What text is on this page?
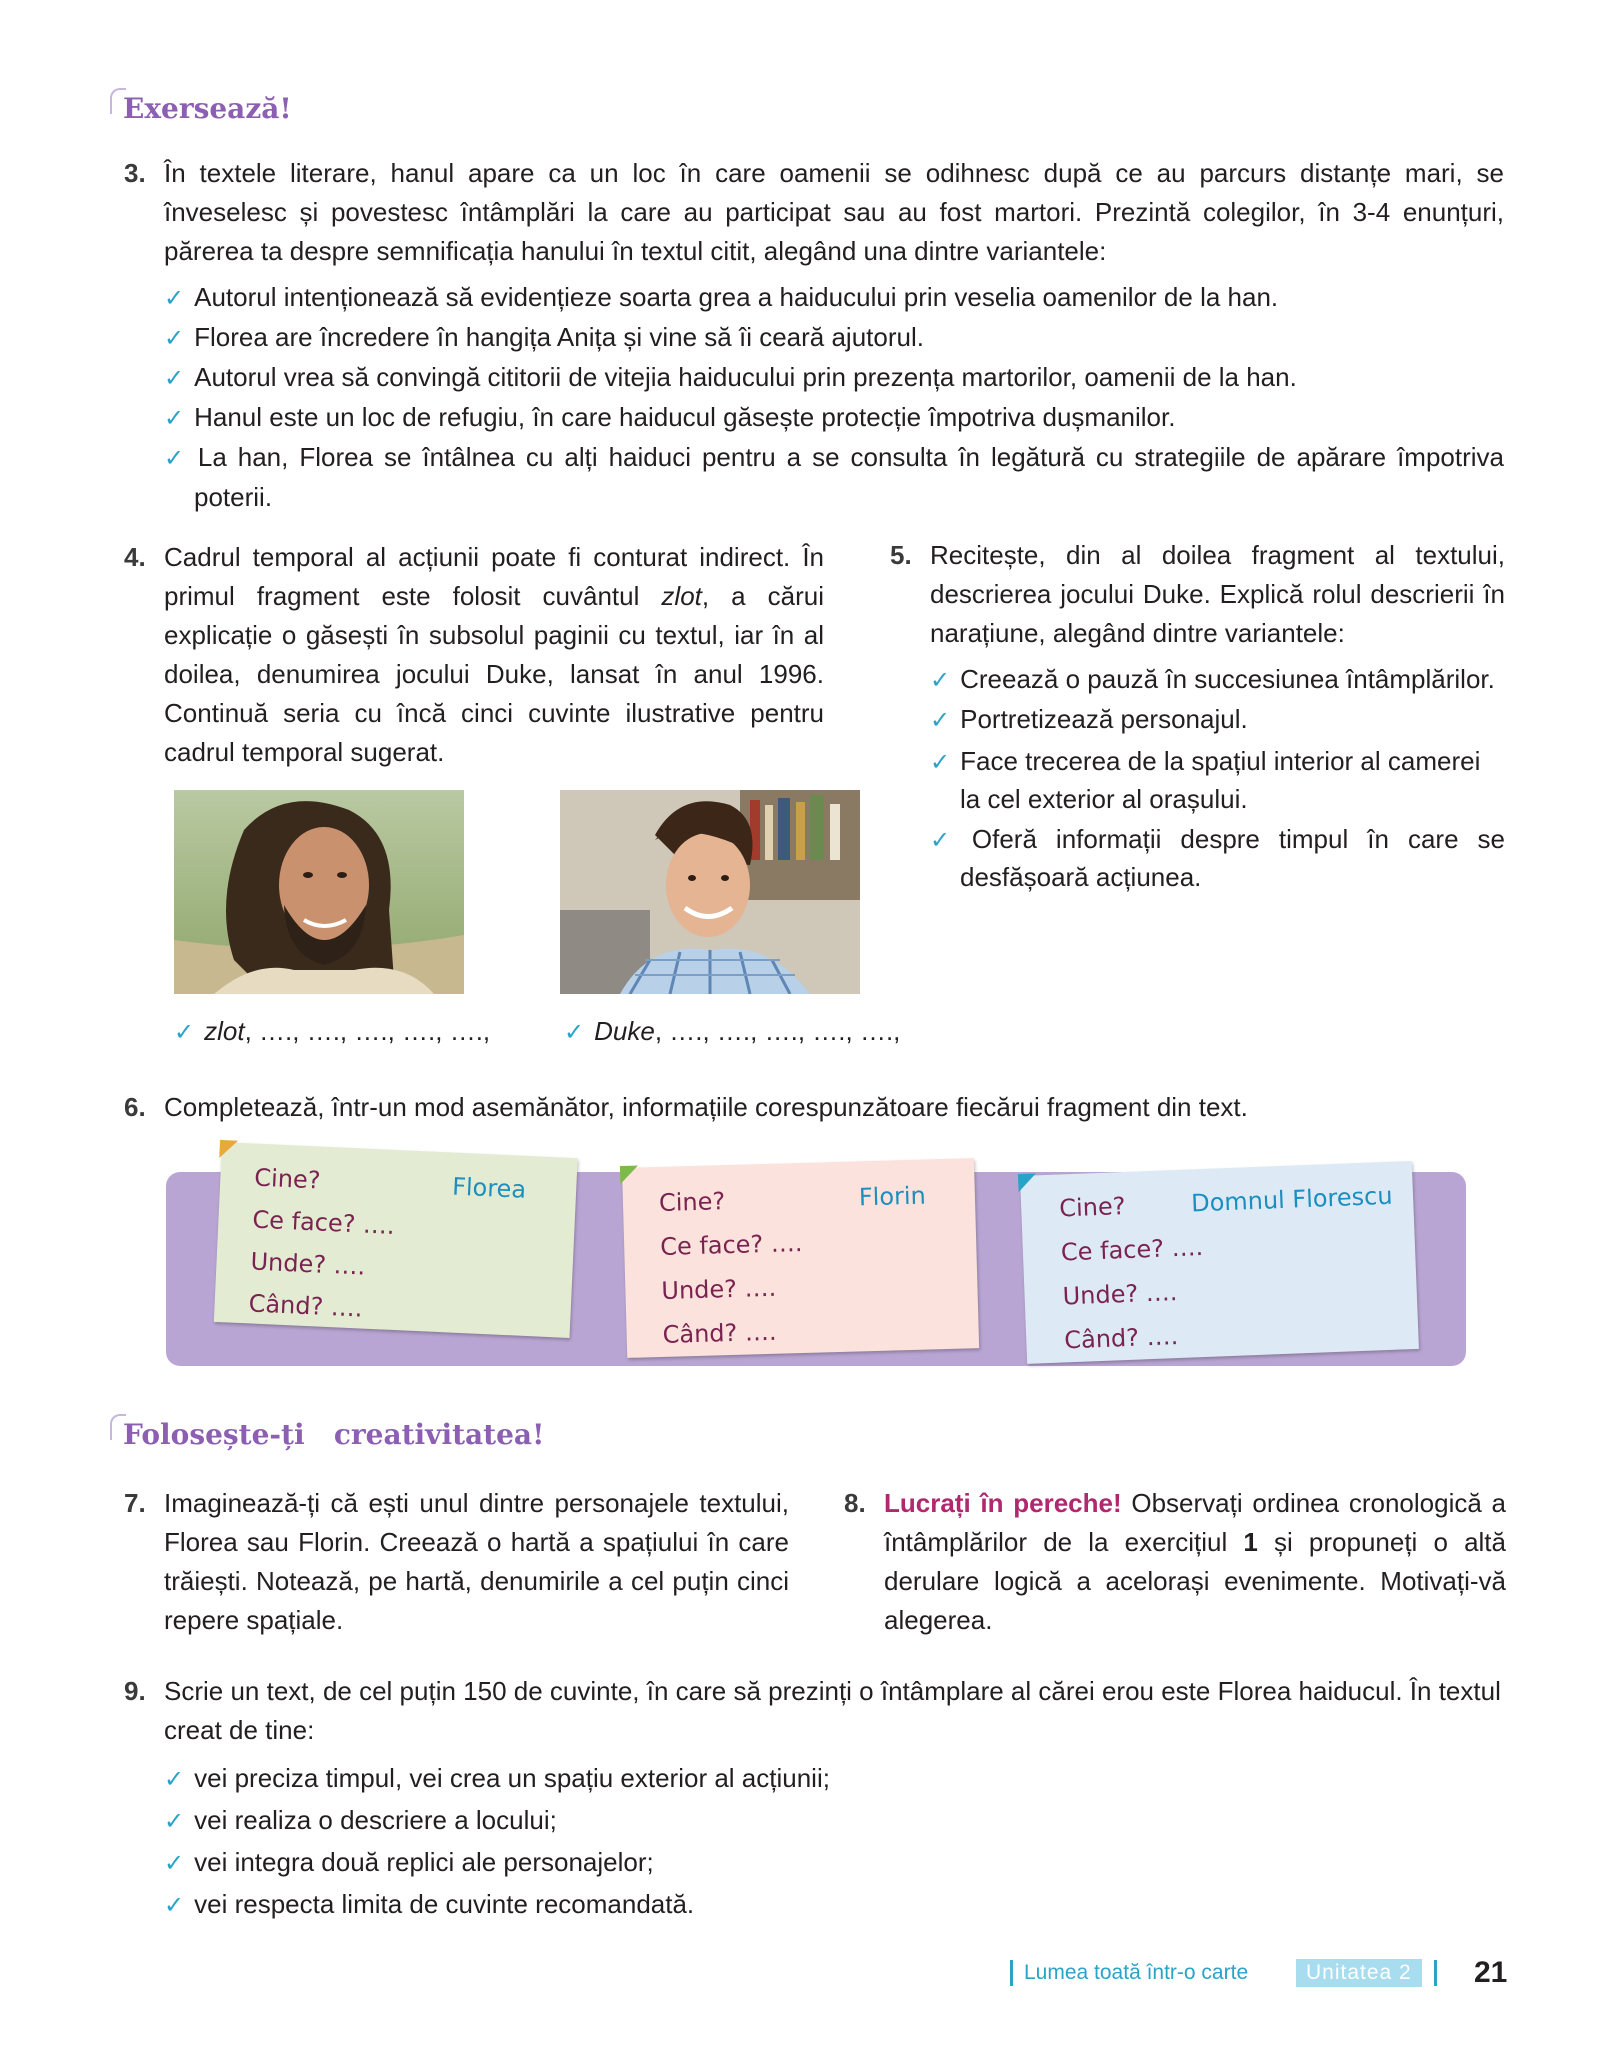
Exersează!
3. În textele literare, hanul apare ca un loc în care oamenii se odihnesc după ce au parcurs distanțe mari, se înveselesc și povestesc întâmplări la care au participat sau au fost martori. Prezintă colegilor, în 3-4 enunțuri, părerea ta despre semnificația hanului în textul citit, alegând una dintre variantele:
✓ Autorul intenționează să evidențieze soarta grea a haiducului prin veselia oamenilor de la han.
✓ Florea are încredere în hangița Anița și vine să îi ceară ajutorul.
✓ Autorul vrea să convingă cititorii de vitejia haiducului prin prezența martorilor, oamenii de la han.
✓ Hanul este un loc de refugiu, în care haiducul găsește protecție împotriva dușmanilor.
✓ La han, Florea se întâlnea cu alți haiduci pentru a se consulta în legătură cu strategiile de apărare împotriva poterii.
4. Cadrul temporal al acțiunii poate fi conturat indirect. În primul fragment este folosit cuvântul zlot, a cărui explicație o găsești în subsolul paginii cu textul, iar în al doilea, denumirea jocului Duke, lansat în anul 1996. Continuă seria cu încă cinci cuvinte ilustrative pentru cadrul temporal sugerat.
✓ zlot, …., …., …., …., ….,	✓ Duke, …., …., …., …., ….,
5. Recitește, din al doilea fragment al textului, descrierea jocului Duke. Explică rolul descrierii în narațiune, alegând dintre variantele:
✓ Creează o pauză în succesiunea întâmplărilor.
✓ Portretizează personajul.
✓ Face trecerea de la spațiul interior al camerei la cel exterior al orașului.
✓ Oferă informații despre timpul în care se desfășoară acțiunea.
6. Completează, într-un mod asemănător, informațiile corespunzătoare fiecărui fragment din text.
Cine?	Florea
Ce face? ….
Unde? ….
Când? ….
Cine?	Florin
Ce face? ….
Unde? ….
Când? ….
Cine?	Domnul Florescu
Ce face? ….
Unde? ….
Când? ….
Folosește-ți   creativitatea!
7. Imaginează-ți că ești unul dintre personajele textului, Florea sau Florin. Creează o hartă a spațiului în care trăiești. Notează, pe hartă, denumirile a cel puțin cinci repere spațiale.
8. Lucrați în pereche! Observați ordinea cronologică a întâmplărilor de la exercițiul 1 și propuneți o altă derulare logică a acelorași evenimente. Motivați-vă alegerea.
9. Scrie un text, de cel puțin 150 de cuvinte, în care să prezinți o întâmplare al cărei erou este Florea haiducul. În textul creat de tine:
✓ vei preciza timpul, vei crea un spațiu exterior al acțiunii;
✓ vei realiza o descriere a locului;
✓ vei integra două replici ale personajelor;
✓ vei respecta limita de cuvinte recomandată.
Lumea toată într-o carte	Unitatea 2	21
